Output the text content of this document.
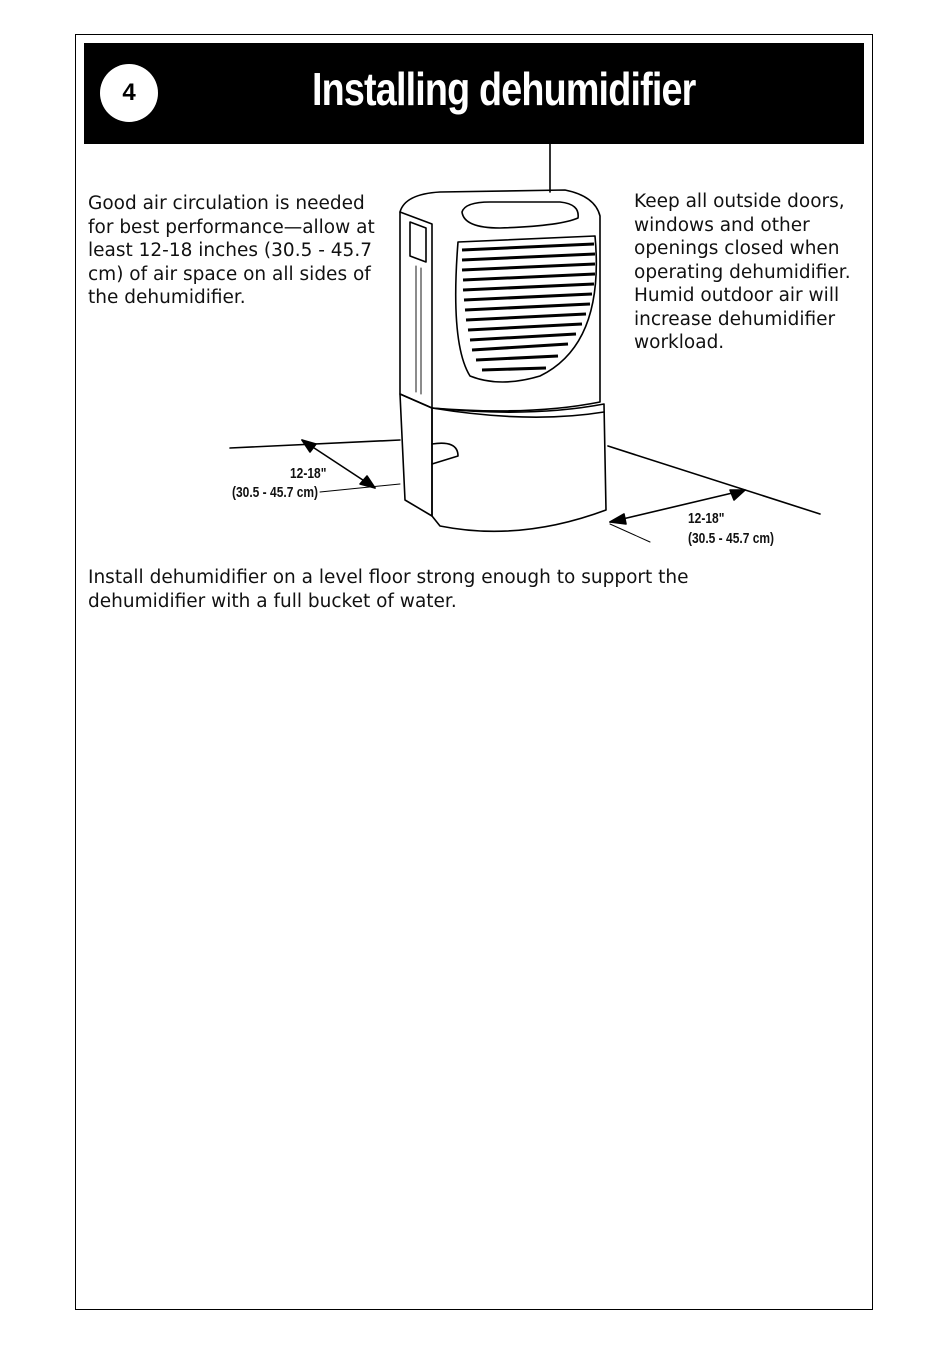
4	Installing dehumidifier

Good air circulation is needed for best performance—allow at least 12-18 inches (30.5 - 45.7 cm) of air space on all sides of the dehumidifier.

Keep all outside doors, windows and other openings closed when operating dehumidifier. Humid outdoor air will increase dehumidifier workload.

12-18"
(30.5 - 45.7 cm)
12-18"
(30.5 - 45.7 cm)

Install dehumidifier on a level floor strong enough to support the dehumidifier with a full bucket of water.
